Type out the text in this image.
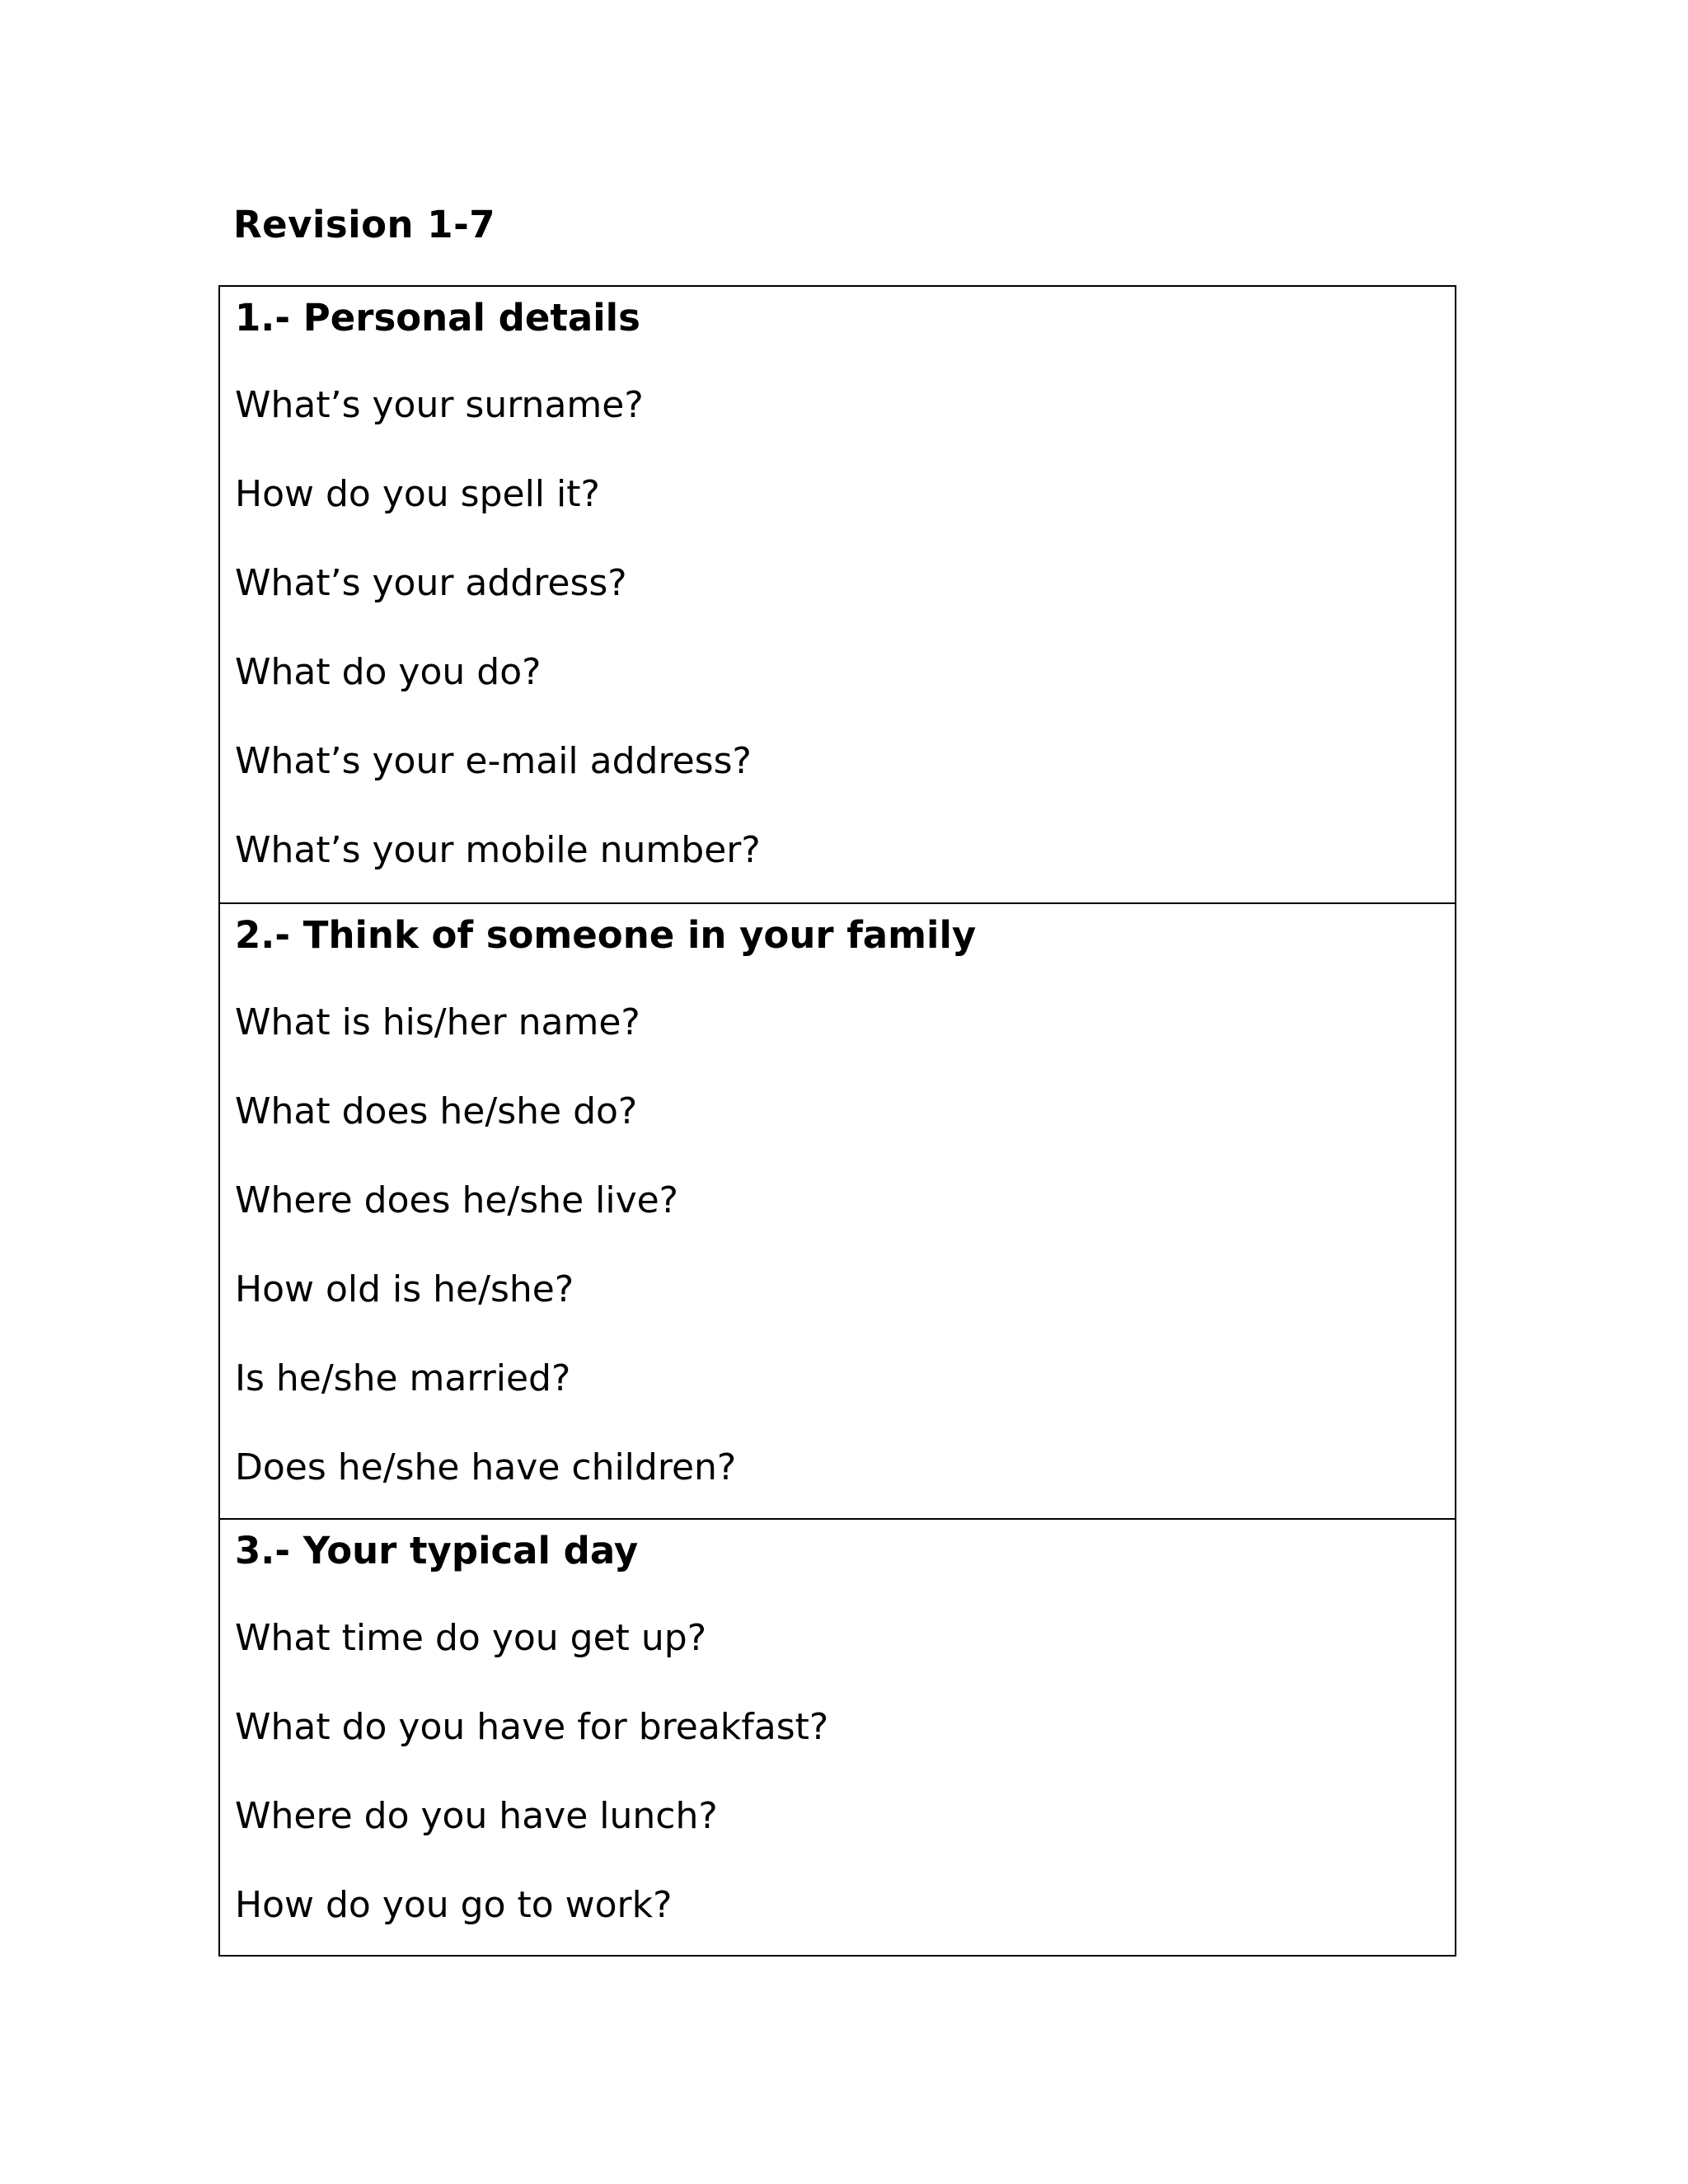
Revision 1-7
1.- Personal details
What’s your surname?
How do you spell it?
What’s your address?
What do you do?
What’s your e-mail address?
What’s your mobile number?
2.- Think of someone in your family
What is his/her name?
What does he/she do?
Where does he/she live?
How old is he/she?
Is he/she married?
Does he/she have children?
3.- Your typical day
What time do you get up?
What do you have for breakfast?
Where do you have lunch?
How do you go to work?
